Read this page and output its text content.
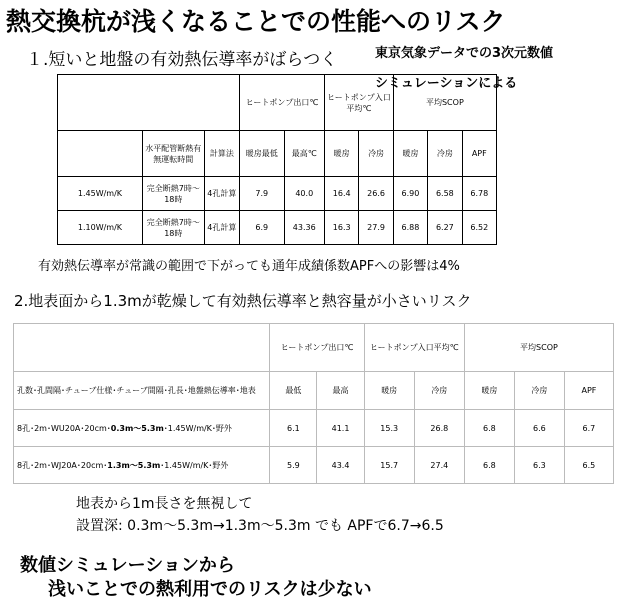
熱交換杭が浅くなることでの性能へのリスク
１.短いと地盤の有効熱伝導率がばらつく	東京気象データでの3次元数値
シミュレーションによる
			ヒートポンプ出口℃		ヒートポンプ入口平均℃		平均SCOP		
	水平配管断熱有無運転時間	計算法	暖房最低	最高℃	暖房	冷房	暖房	冷房	APF
1.45W/m/K	完全断熱7時～18時	4孔計算	7.9	40.0	16.4	26.6	6.90	6.58	6.78
1.10W/m/K	完全断熱7時～18時	4孔計算	6.9	43.36	16.3	27.9	6.88	6.27	6.52
有効熱伝導率が常識の範囲で下がっても通年成績係数APFへの影響は4%
2.地表面から1.3mが乾燥して有効熱伝導率と熱容量が小さいリスク
	ヒートポンプ出口℃		ヒートポンプ入口平均℃		平均SCOP		
孔数･孔間隔･チューブ仕様･チューブ間隔･孔長･地盤熱伝導率･地表	最低	最高	暖房	冷房	暖房	冷房	APF
8孔･2m･WU20A･20cm･0.3m～5.3m･1.45W/m/K･野外	6.1	41.1	15.3	26.8	6.8	6.6	6.7
8孔･2m･WJ20A･20cm･1.3m～5.3m･1.45W/m/K･野外	5.9	43.4	15.7	27.4	6.8	6.3	6.5
地表から1m長さを無視して
設置深: 0.3m～5.3m→1.3m～5.3m でも APFで6.7→6.5
数値シミュレーションから
浅いことでの熱利用でのリスクは少ない
